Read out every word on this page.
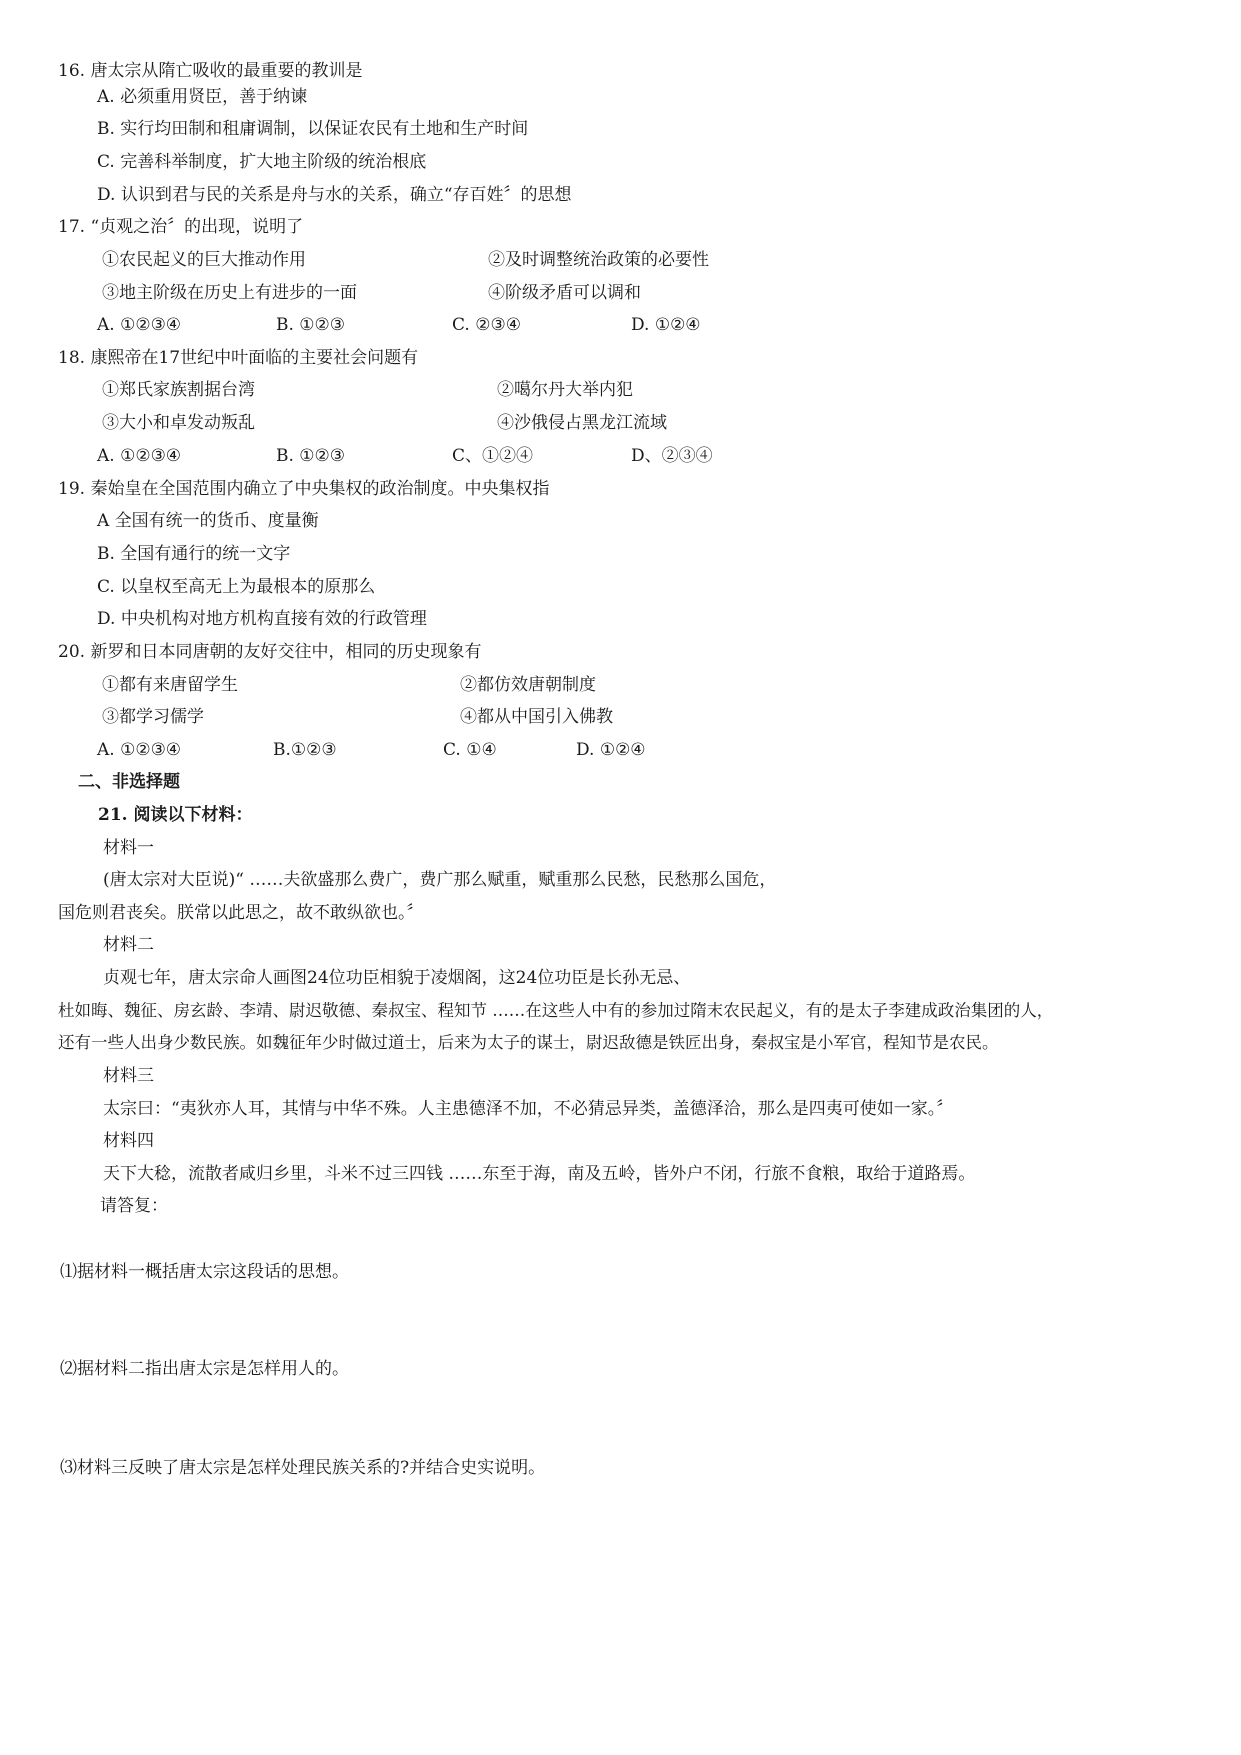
16. 唐太宗从隋亡吸收的最重要的教训是
A. 必须重用贤臣，善于纳谏
B. 实行均田制和租庸调制，以保证农民有土地和生产时间
C. 完善科举制度，扩大地主阶级的统治根底
D. 认识到君与民的关系是舟与水的关系，确立“存百姓〞的思想
17. “贞观之治〞的出现，说明了
①农民起义的巨大推动作用	②及时调整统治政策的必要性
③地主阶级在历史上有进步的一面	④阶级矛盾可以调和
A. ①②③④	B. ①②③	C. ②③④	D. ①②④
18. 康熙帝在17世纪中叶面临的主要社会问题有
①郑氏家族割据台湾	②噶尔丹大举内犯
③大小和卓发动叛乱	④沙俄侵占黑龙江流域
A. ①②③④	B. ①②③	C、①②④	D、②③④
19. 秦始皇在全国范围内确立了中央集权的政治制度。中央集权指
A 全国有统一的货币、度量衡
B. 全国有通行的统一文字
C. 以皇权至高无上为最根本的原那么
D. 中央机构对地方机构直接有效的行政管理
20. 新罗和日本同唐朝的友好交往中，相同的历史现象有
①都有来唐留学生	②都仿效唐朝制度
③都学习儒学	④都从中国引入佛教
A. ①②③④	B.①②③	C. ①④	D. ①②④
二、非选择题
21. 阅读以下材料：
材料一
(唐太宗对大臣说)“ ……夫欲盛那么费广，费广那么赋重，赋重那么民愁，民愁那么国危，
国危则君丧矣。朕常以此思之，故不敢纵欲也。〞
材料二
贞观七年，唐太宗命人画图24位功臣相貌于凌烟阁，这24位功臣是长孙无忌、
杜如晦、魏征、房玄龄、李靖、尉迟敬德、秦叔宝、程知节 ……在这些人中有的参加过隋末农民起义，有的是太子李建成政治集团的人，
还有一些人出身少数民族。如魏征年少时做过道士，后来为太子的谋士，尉迟敌德是铁匠出身，秦叔宝是小军官，程知节是农民。
材料三
太宗曰：“夷狄亦人耳，其情与中华不殊。人主患德泽不加，不必猜忌异类，盖德泽洽，那么是四夷可使如一家。〞
材料四
天下大稔，流散者咸归乡里，斗米不过三四钱 ……东至于海，南及五岭，皆外户不闭，行旅不食粮，取给于道路焉。
请答复：
⑴据材料一概括唐太宗这段话的思想。
⑵据材料二指出唐太宗是怎样用人的。
⑶材料三反映了唐太宗是怎样处理民族关系的?并结合史实说明。
